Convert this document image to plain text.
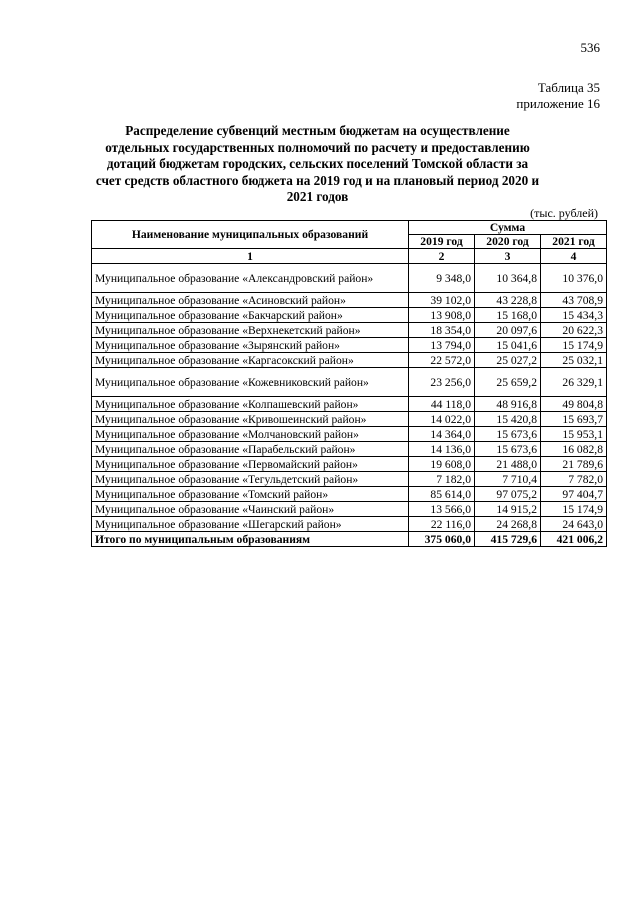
536
Таблица 35
приложение 16
Распределение субвенций местным бюджетам на осуществление отдельных государственных полномочий по расчету и предоставлению дотаций бюджетам городских, сельских поселений Томской области за счет средств областного бюджета на 2019 год и на плановый период 2020 и 2021 годов
(тыс. рублей)
Наименование муниципальных образований	Сумма		
	2019 год	2020 год	2021 год
1	2	3	4
Муниципальное образование «Александровский район»	9 348,0	10 364,8	10 376,0
Муниципальное образование «Асиновский район»	39 102,0	43 228,8	43 708,9
Муниципальное образование «Бакчарский район»	13 908,0	15 168,0	15 434,3
Муниципальное образование «Верхнекетский район»	18 354,0	20 097,6	20 622,3
Муниципальное образование «Зырянский район»	13 794,0	15 041,6	15 174,9
Муниципальное образование «Каргасокский район»	22 572,0	25 027,2	25 032,1
Муниципальное образование «Кожевниковский район»	23 256,0	25 659,2	26 329,1
Муниципальное образование «Колпашевский район»	44 118,0	48 916,8	49 804,8
Муниципальное образование «Кривошеинский район»	14 022,0	15 420,8	15 693,7
Муниципальное образование «Молчановский район»	14 364,0	15 673,6	15 953,1
Муниципальное образование «Парабельский район»	14 136,0	15 673,6	16 082,8
Муниципальное образование «Первомайский район»	19 608,0	21 488,0	21 789,6
Муниципальное образование «Тегульдетский район»	7 182,0	7 710,4	7 782,0
Муниципальное образование «Томский район»	85 614,0	97 075,2	97 404,7
Муниципальное образование «Чаинский район»	13 566,0	14 915,2	15 174,9
Муниципальное образование «Шегарский район»	22 116,0	24 268,8	24 643,0
Итого по муниципальным образованиям	375 060,0	415 729,6	421 006,2
